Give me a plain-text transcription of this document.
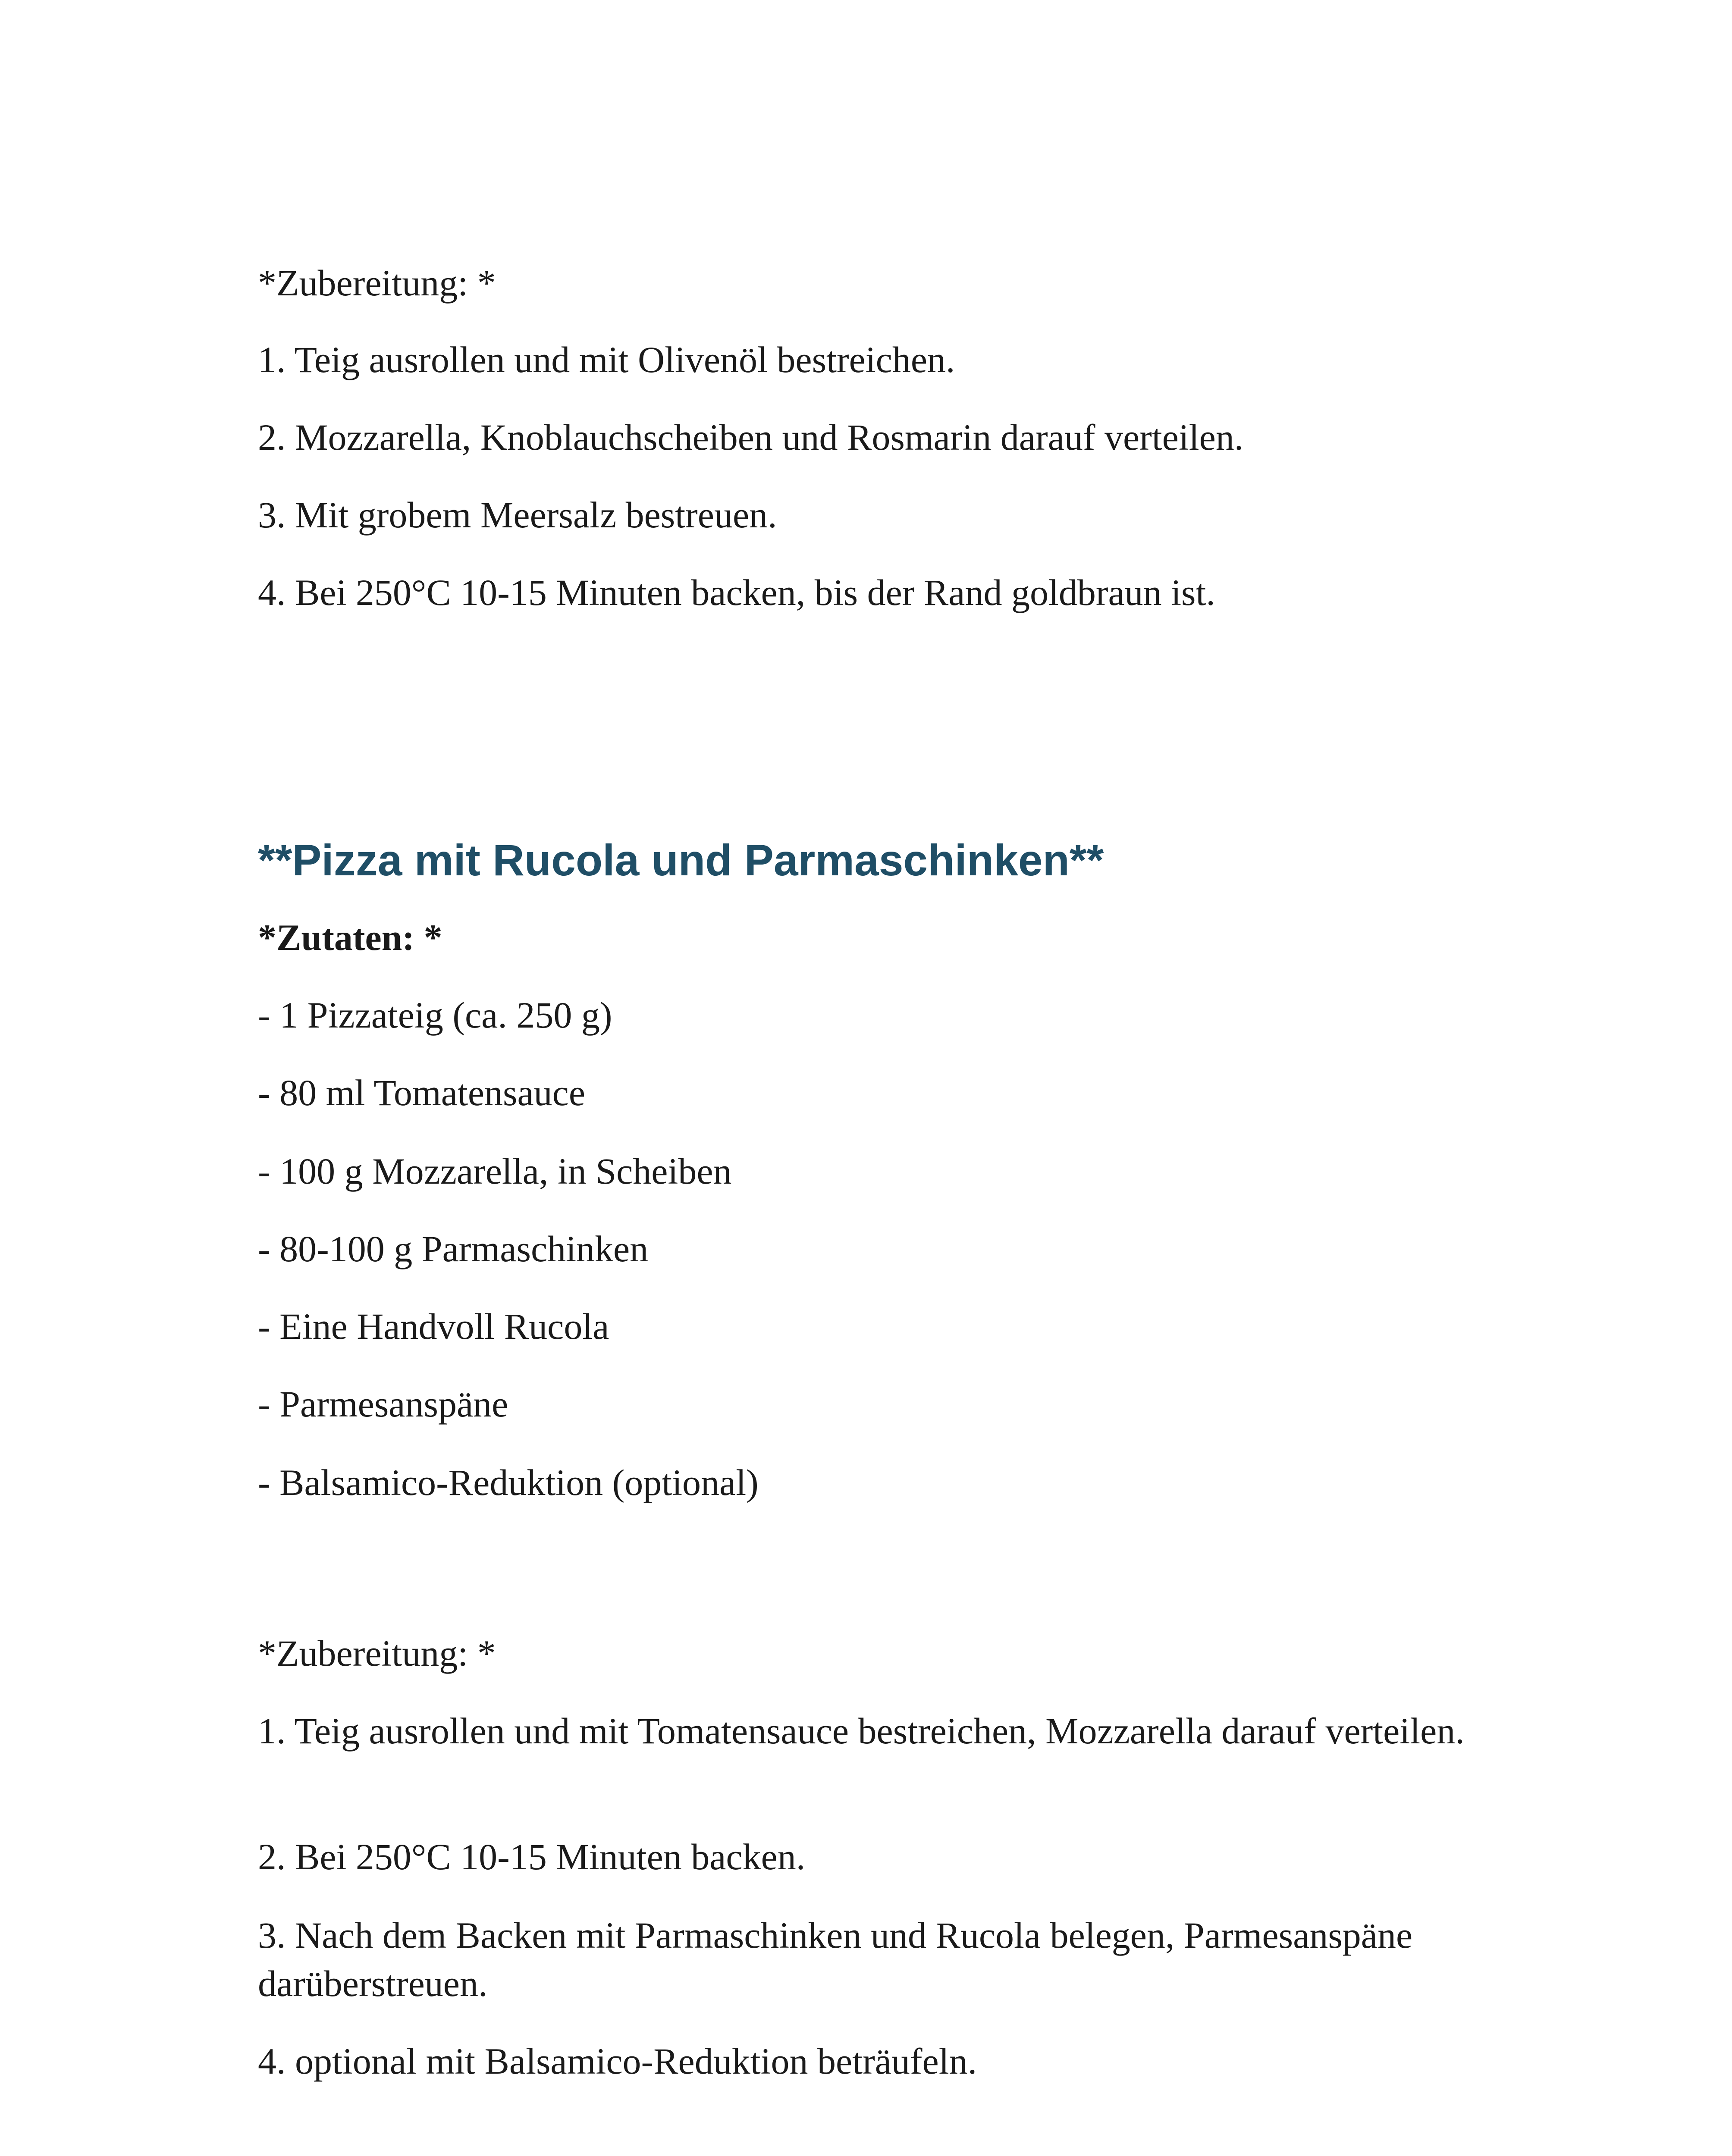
*Zubereitung: *

1. Teig ausrollen und mit Olivenöl bestreichen.

2. Mozzarella, Knoblauchscheiben und Rosmarin darauf verteilen.

3. Mit grobem Meersalz bestreuen.

4. Bei 250°C 10-15 Minuten backen, bis der Rand goldbraun ist.

**Pizza mit Rucola und Parmaschinken**

*Zutaten: *

- 1 Pizzateig (ca. 250 g)

- 80 ml Tomatensauce

- 100 g Mozzarella, in Scheiben

- 80-100 g Parmaschinken

- Eine Handvoll Rucola

- Parmesanspäne

- Balsamico-Reduktion (optional)

*Zubereitung: *

1. Teig ausrollen und mit Tomatensauce bestreichen, Mozzarella darauf verteilen.

2. Bei 250°C 10-15 Minuten backen.

3. Nach dem Backen mit Parmaschinken und Rucola belegen, Parmesanspäne darüberstreuen.

4. optional mit Balsamico-Reduktion beträufeln.
